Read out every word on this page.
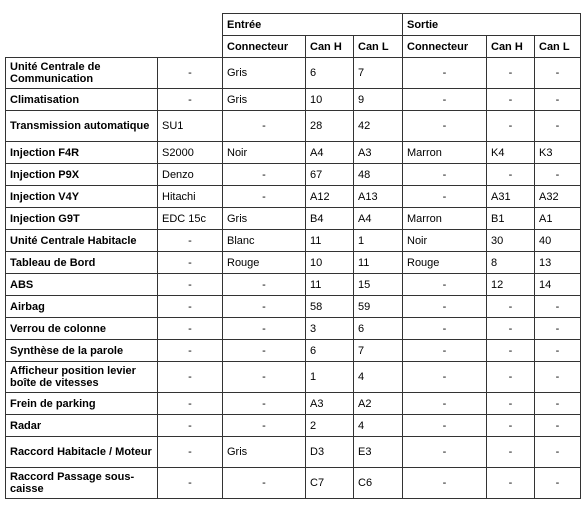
		Entrée			Sortie		
		Connecteur	Can H	Can L	Connecteur	Can H	Can L
Unité Centrale de Communication	-	Gris	6	7	-	-	-
Climatisation	-	Gris	10	9	-	-	-
Transmission automatique	SU1	-	28	42	-	-	-
Injection F4R	S2000	Noir	A4	A3	Marron	K4	K3
Injection P9X	Denzo	-	67	48	-	-	-
Injection V4Y	Hitachi	-	A12	A13	-	A31	A32
Injection G9T	EDC 15c	Gris	B4	A4	Marron	B1	A1
Unité Centrale Habitacle	-	Blanc	11	1	Noir	30	40
Tableau de Bord	-	Rouge	10	11	Rouge	8	13
ABS	-	-	11	15	-	12	14
Airbag	-	-	58	59	-	-	-
Verrou de colonne	-	-	3	6	-	-	-
Synthèse de la parole	-	-	6	7	-	-	-
Afficheur position levier boîte de vitesses	-	-	1	4	-	-	-
Frein de parking	-	-	A3	A2	-	-	-
Radar	-	-	2	4	-	-	-
Raccord Habitacle / Moteur	-	Gris	D3	E3	-	-	-
Raccord Passage sous-caisse	-	-	C7	C6	-	-	-
